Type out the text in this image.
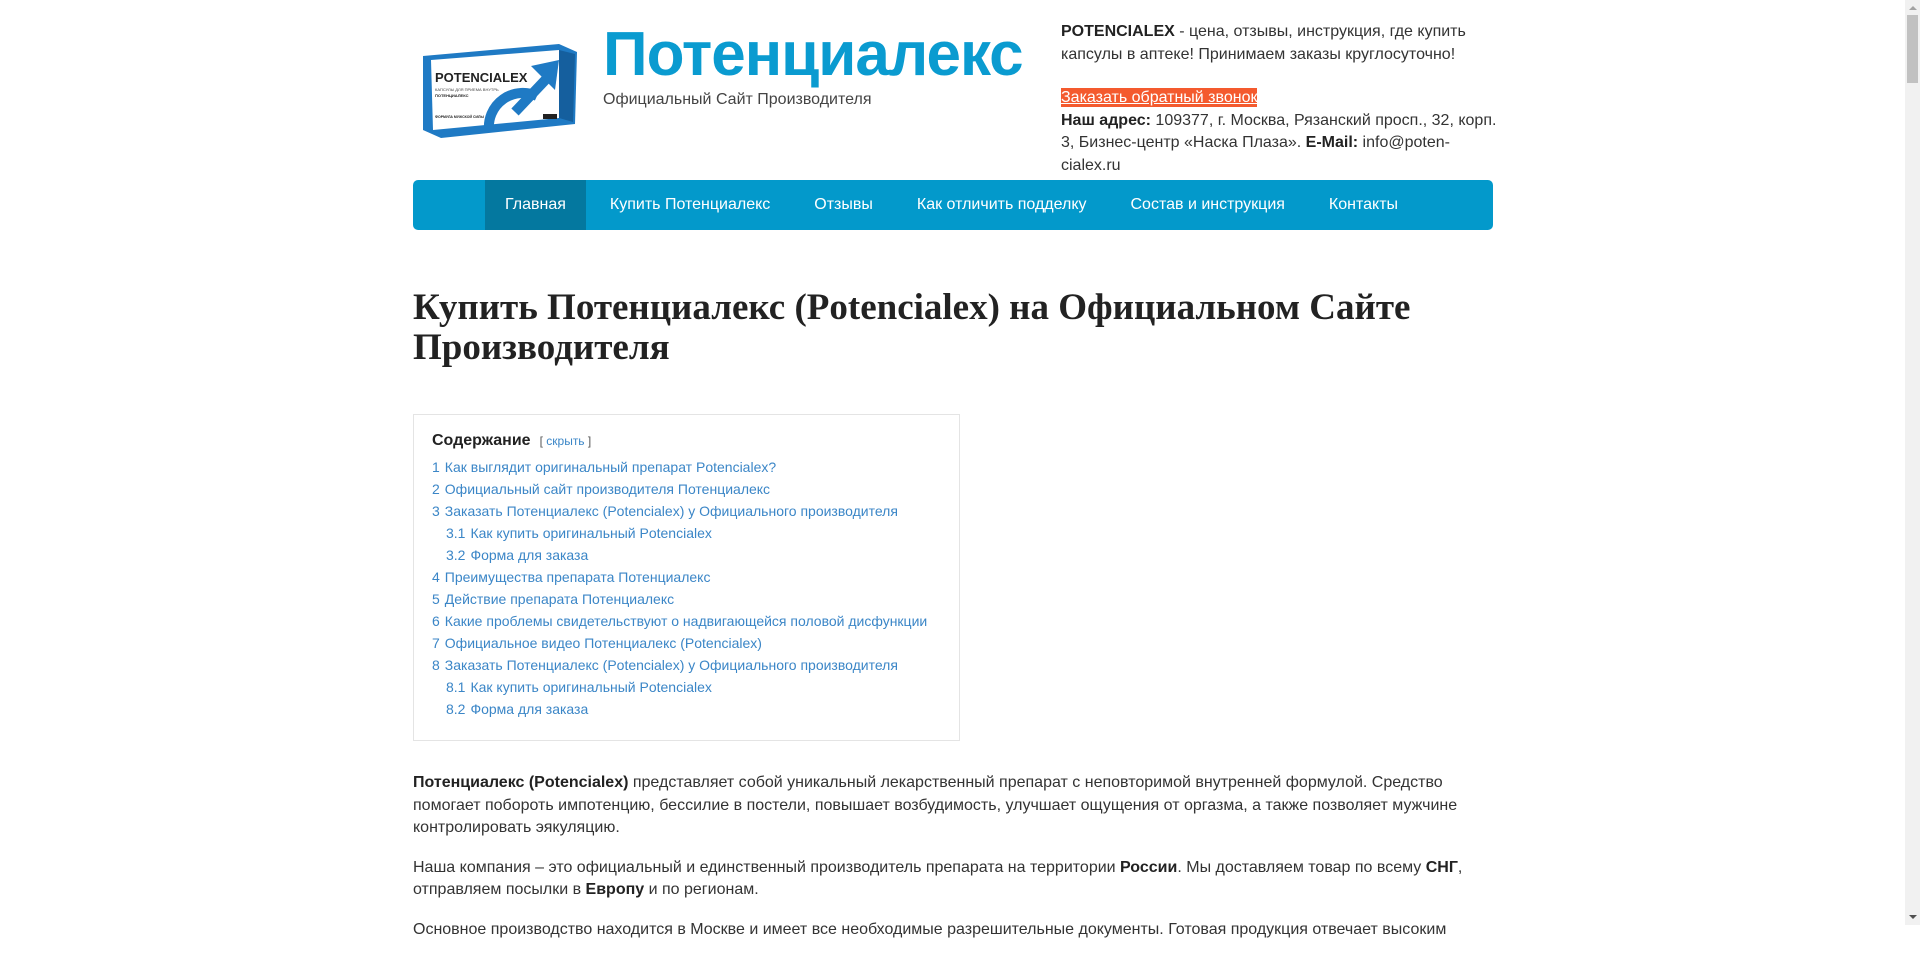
POTENCIALEX
КАПСУЛЫ ДЛЯ ПРИЕМА ВНУТРЬ
ПОТЕНЦИАЛЕКС
ФОРМУЛА МУЖСКОЙ СИЛЫ
Потенциалекс
Официальный Сайт Производителя
POTENCIALEX - цена, отзывы, инструкция, где купить капсулы в аптеке! Принимаем заказы круглосуточно!
Заказать обратный звонок
Наш адрес: 109377, г. Москва, Рязанский просп., 32, корп. 3, Бизнес-центр «Наска Плаза». E-Mail: info@poten-cialex.ru
Главная	Купить Потенциалекс	Отзывы	Как отличить подделку	Состав и инструкция	Контакты
Купить Потенциалекс (Potencialex) на Официальном Сайте Производителя
Содержание [ скрыть ]
1 Как выглядит оригинальный препарат Potencialex?
2 Официальный сайт производителя Потенциалекс
3 Заказать Потенциалекс (Potencialex) у Официального производителя
3.1 Как купить оригинальный Potencialex
3.2 Форма для заказа
4 Преимущества препарата Потенциалекс
5 Действие препарата Потенциалекс
6 Какие проблемы свидетельствуют о надвигающейся половой дисфункции
7 Официальное видео Потенциалекс (Potencialex)
8 Заказать Потенциалекс (Potencialex) у Официального производителя
8.1 Как купить оригинальный Potencialex
8.2 Форма для заказа

Потенциалекс (Potencialex) представляет собой уникальный лекарственный препарат с неповторимой внутренней формулой. Средство помогает побороть импотенцию, бессилие в постели, повышает возбудимость, улучшает ощущения от оргазма, а также позволяет мужчине контролировать эякуляцию.

Наша компания – это официальный и единственный производитель препарата на территории России. Мы доставляем товар по всему СНГ, отправляем посылки в Европу и по регионам.

Основное производство находится в Москве и имеет все необходимые разрешительные документы. Готовая продукция отвечает высоким
